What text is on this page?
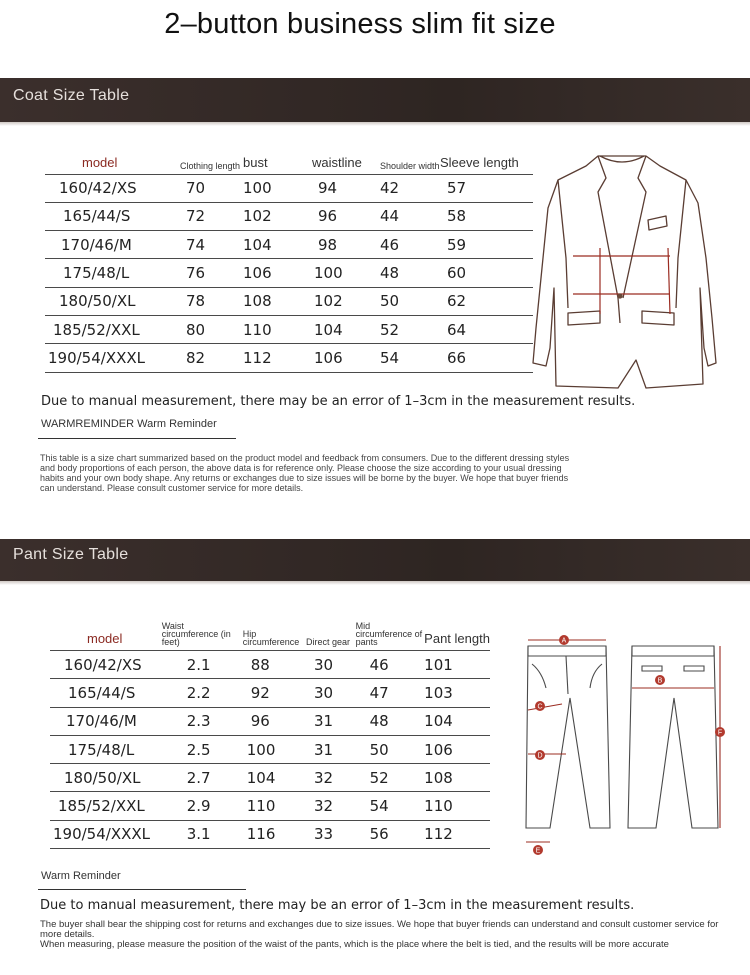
2–button business slim fit size
Coat Size Table
model	Clothing length	bust	waistline	Shoulder width	Sleeve length
160/42/XS	70	100	94	42	57
165/44/S	72	102	96	44	58
170/46/M	74	104	98	46	59
175/48/L	76	106	100	48	60
180/50/XL	78	108	102	50	62
185/52/XXL	80	110	104	52	64
190/54/XXXL	82	112	106	54	66
Due to manual measurement, there may be an error of 1–3cm in the measurement results.
WARMREMINDER Warm Reminder
This table is a size chart summarized based on the product model and feedback from consumers. Due to the different dressing styles and body proportions of each person, the above data is for reference only. Please choose the size according to your usual dressing habits and your own body shape. Any returns or exchanges due to size issues will be borne by the buyer. We hope that buyer friends can understand. Please consult customer service for more details.
Pant Size Table
model	Waist circumference (in feet)	Hip circumference	Direct gear	Mid circumference of pants	Pant length
160/42/XS	2.1	88	30	46	101
165/44/S	2.2	92	30	47	103
170/46/M	2.3	96	31	48	104
175/48/L	2.5	100	31	50	106
180/50/XL	2.7	104	32	52	108
185/52/XXL	2.9	110	32	54	110
190/54/XXXL	3.1	116	33	56	112
A
B
C
D
E
F
Warm Reminder
Due to manual measurement, there may be an error of 1–3cm in the measurement results.
The buyer shall bear the shipping cost for returns and exchanges due to size issues. We hope that buyer friends can understand and consult customer service for more details.
When measuring, please measure the position of the waist of the pants, which is the place where the belt is tied, and the results will be more accurate
